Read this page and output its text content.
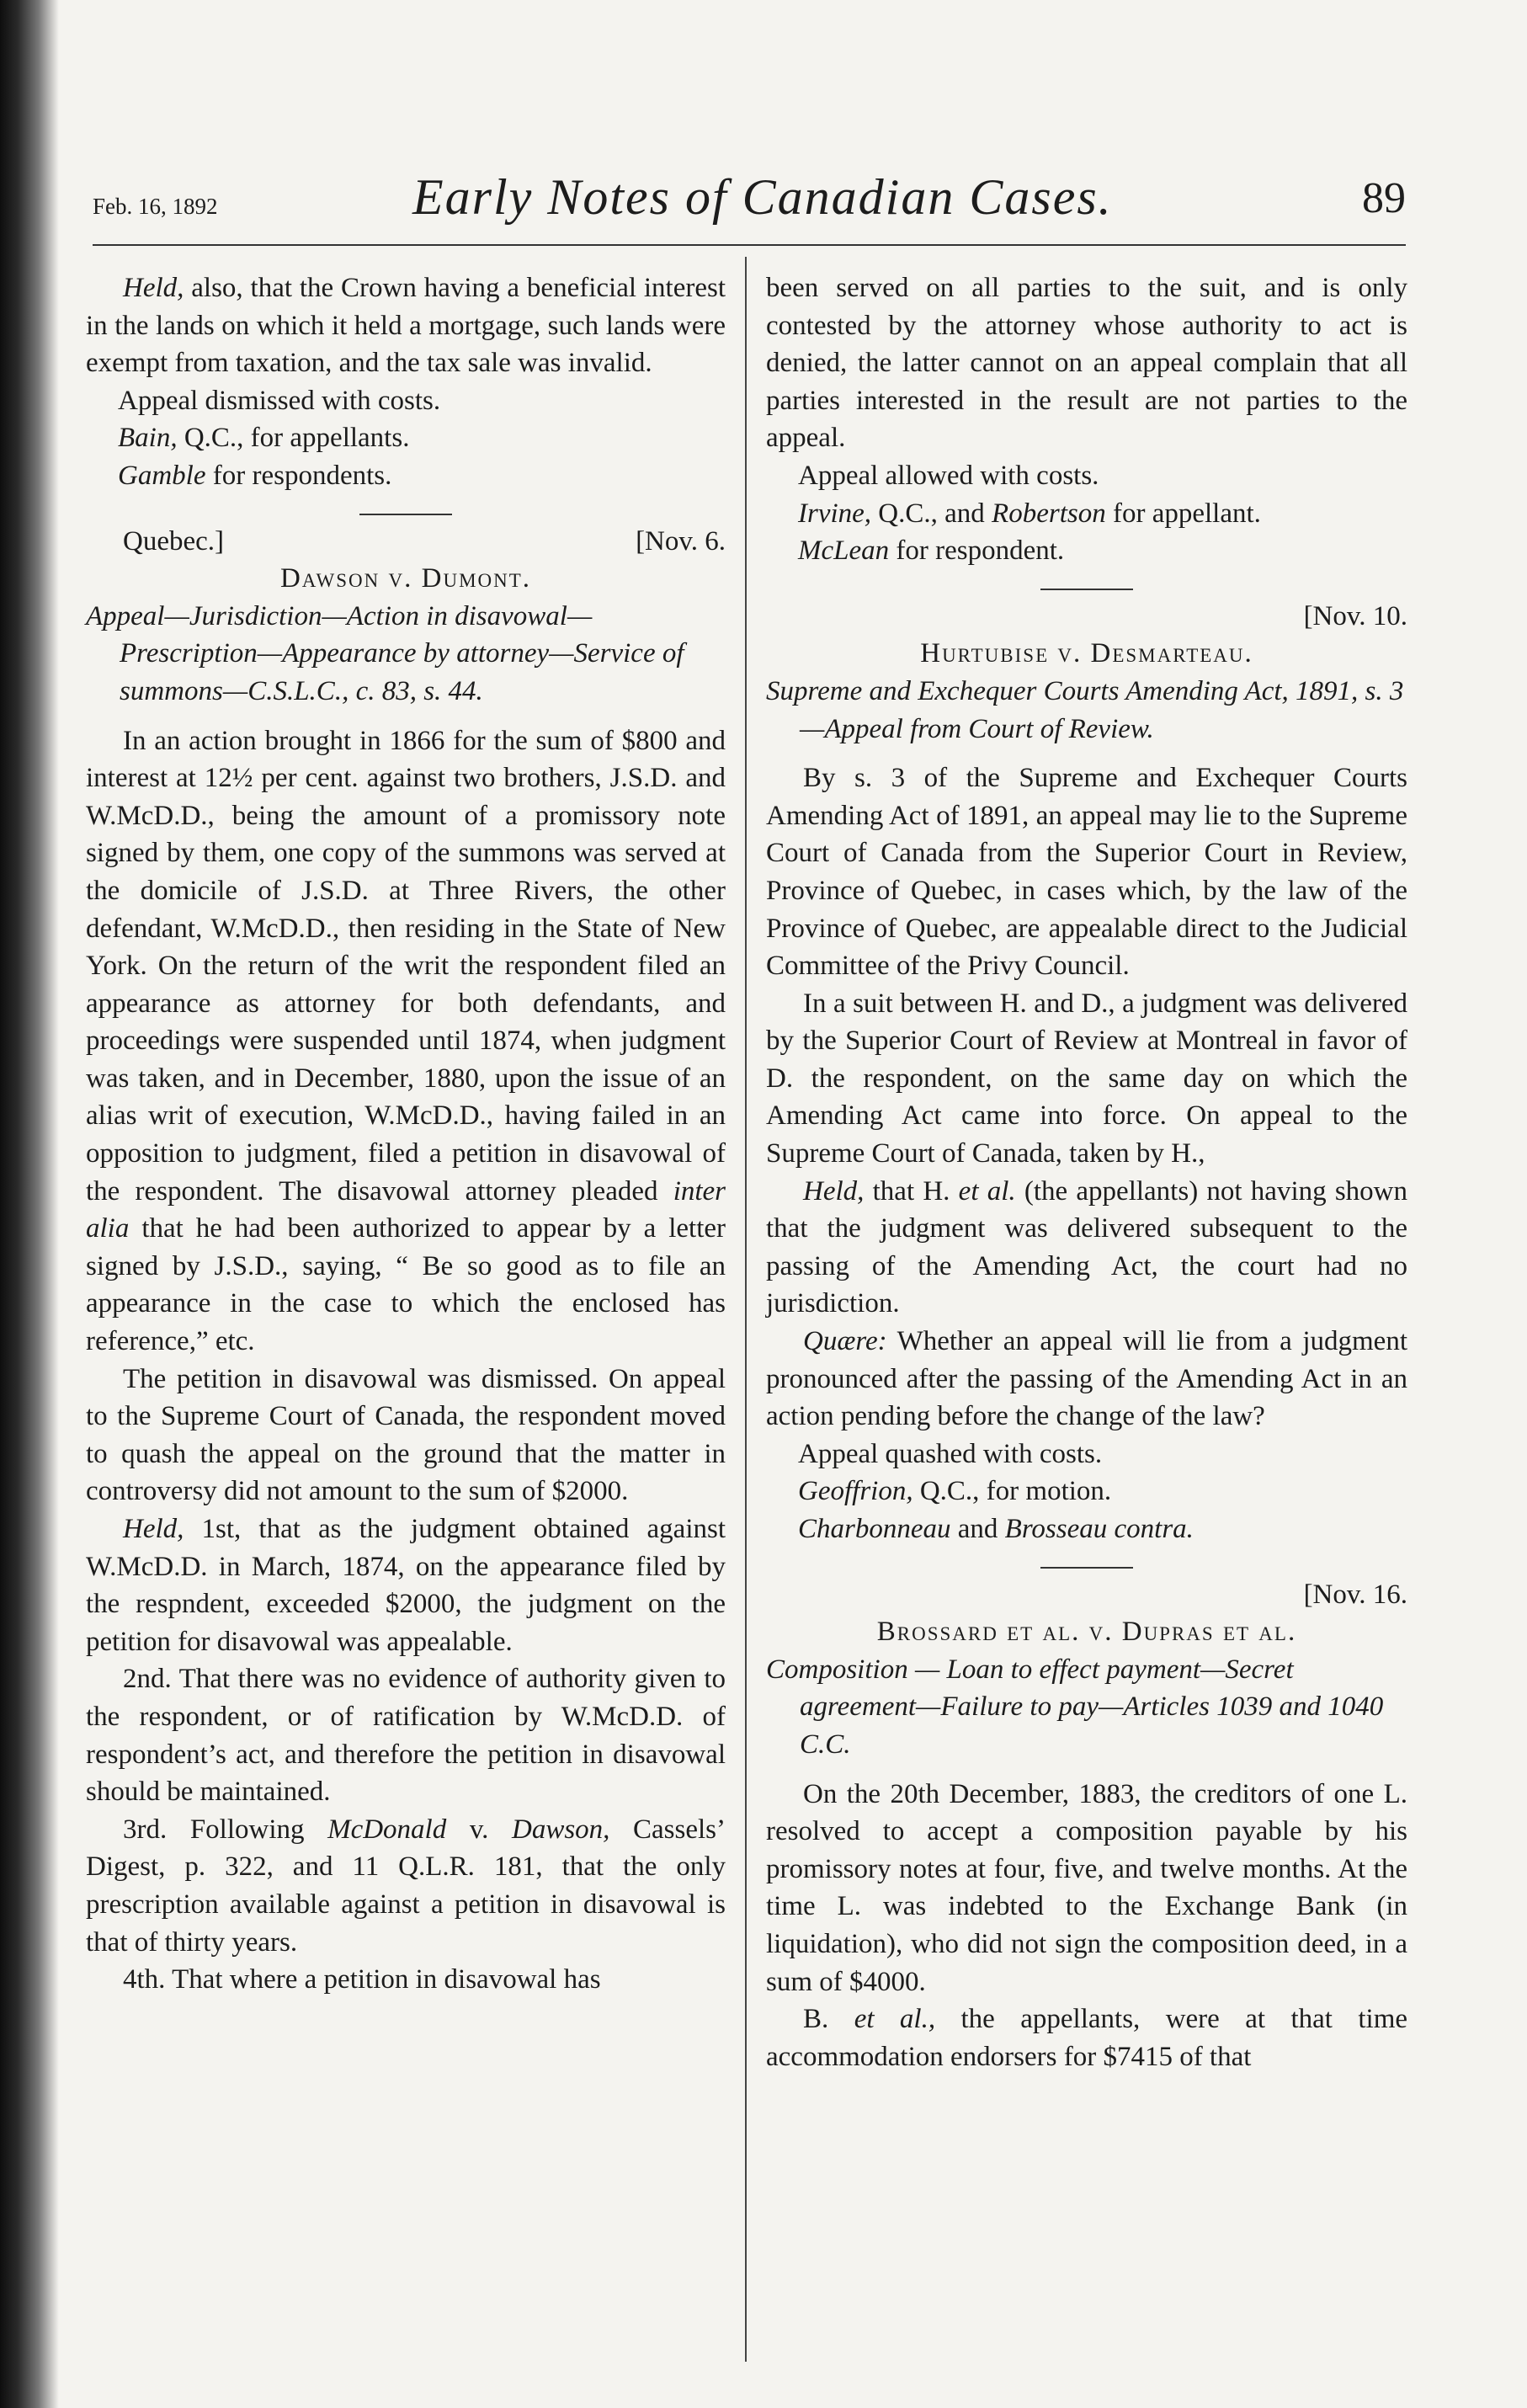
Feb. 16, 1892	Early Notes of Canadian Cases.	89

Held, also, that the Crown having a beneficial interest in the lands on which it held a mortgage, such lands were exempt from taxation, and the tax sale was invalid.

Appeal dismissed with costs.

Bain, Q.C., for appellants.

Gamble for respondents.

Quebec.]	[Nov. 6.

Dawson v. Dumont.

Appeal—Jurisdiction—Action in disavowal—Prescription—Appearance by attorney—Service of summons—C.S.L.C., c. 83, s. 44.

In an action brought in 1866 for the sum of $800 and interest at 12½ per cent. against two brothers, J.S.D. and W.McD.D., being the amount of a promissory note signed by them, one copy of the summons was served at the domicile of J.S.D. at Three Rivers, the other defendant, W.McD.D., then residing in the State of New York. On the return of the writ the respondent filed an appearance as attorney for both defendants, and proceedings were suspended until 1874, when judgment was taken, and in December, 1880, upon the issue of an alias writ of execution, W.McD.D., having failed in an opposition to judgment, filed a petition in disavowal of the respondent. The disavowal attorney pleaded inter alia that he had been authorized to appear by a letter signed by J.S.D., saying, “ Be so good as to file an appearance in the case to which the enclosed has reference,” etc.

The petition in disavowal was dismissed. On appeal to the Supreme Court of Canada, the respondent moved to quash the appeal on the ground that the matter in controversy did not amount to the sum of $2000.

Held, 1st, that as the judgment obtained against W.McD.D. in March, 1874, on the appearance filed by the respndent, exceeded $2000, the judgment on the petition for disavowal was appealable.

2nd. That there was no evidence of authority given to the respondent, or of ratification by W.McD.D. of respondent’s act, and therefore the petition in disavowal should be maintained.

3rd. Following McDonald v. Dawson, Cassels’ Digest, p. 322, and 11 Q.L.R. 181, that the only prescription available against a petition in disavowal is that of thirty years.

4th. That where a petition in disavowal has

been served on all parties to the suit, and is only contested by the attorney whose authority to act is denied, the latter cannot on an appeal complain that all parties interested in the result are not parties to the appeal.

Appeal allowed with costs.

Irvine, Q.C., and Robertson for appellant.

McLean for respondent.

[Nov. 10.

Hurtubise v. Desmarteau.

Supreme and Exchequer Courts Amending Act, 1891, s. 3—Appeal from Court of Review.

By s. 3 of the Supreme and Exchequer Courts Amending Act of 1891, an appeal may lie to the Supreme Court of Canada from the Superior Court in Review, Province of Quebec, in cases which, by the law of the Province of Quebec, are appealable direct to the Judicial Committee of the Privy Council.

In a suit between H. and D., a judgment was delivered by the Superior Court of Review at Montreal in favor of D. the respondent, on the same day on which the Amending Act came into force. On appeal to the Supreme Court of Canada, taken by H.,

Held, that H. et al. (the appellants) not having shown that the judgment was delivered subsequent to the passing of the Amending Act, the court had no jurisdiction.

Quære: Whether an appeal will lie from a judgment pronounced after the passing of the Amending Act in an action pending before the change of the law?

Appeal quashed with costs.

Geoffrion, Q.C., for motion.

Charbonneau and Brosseau contra.

[Nov. 16.

Brossard et al. v. Dupras et al.

Composition — Loan to effect payment—Secret agreement—Failure to pay—Articles 1039 and 1040 C.C.

On the 20th December, 1883, the creditors of one L. resolved to accept a composition payable by his promissory notes at four, five, and twelve months. At the time L. was indebted to the Exchange Bank (in liquidation), who did not sign the composition deed, in a sum of $4000.

B. et al., the appellants, were at that time accommodation endorsers for $7415 of that
